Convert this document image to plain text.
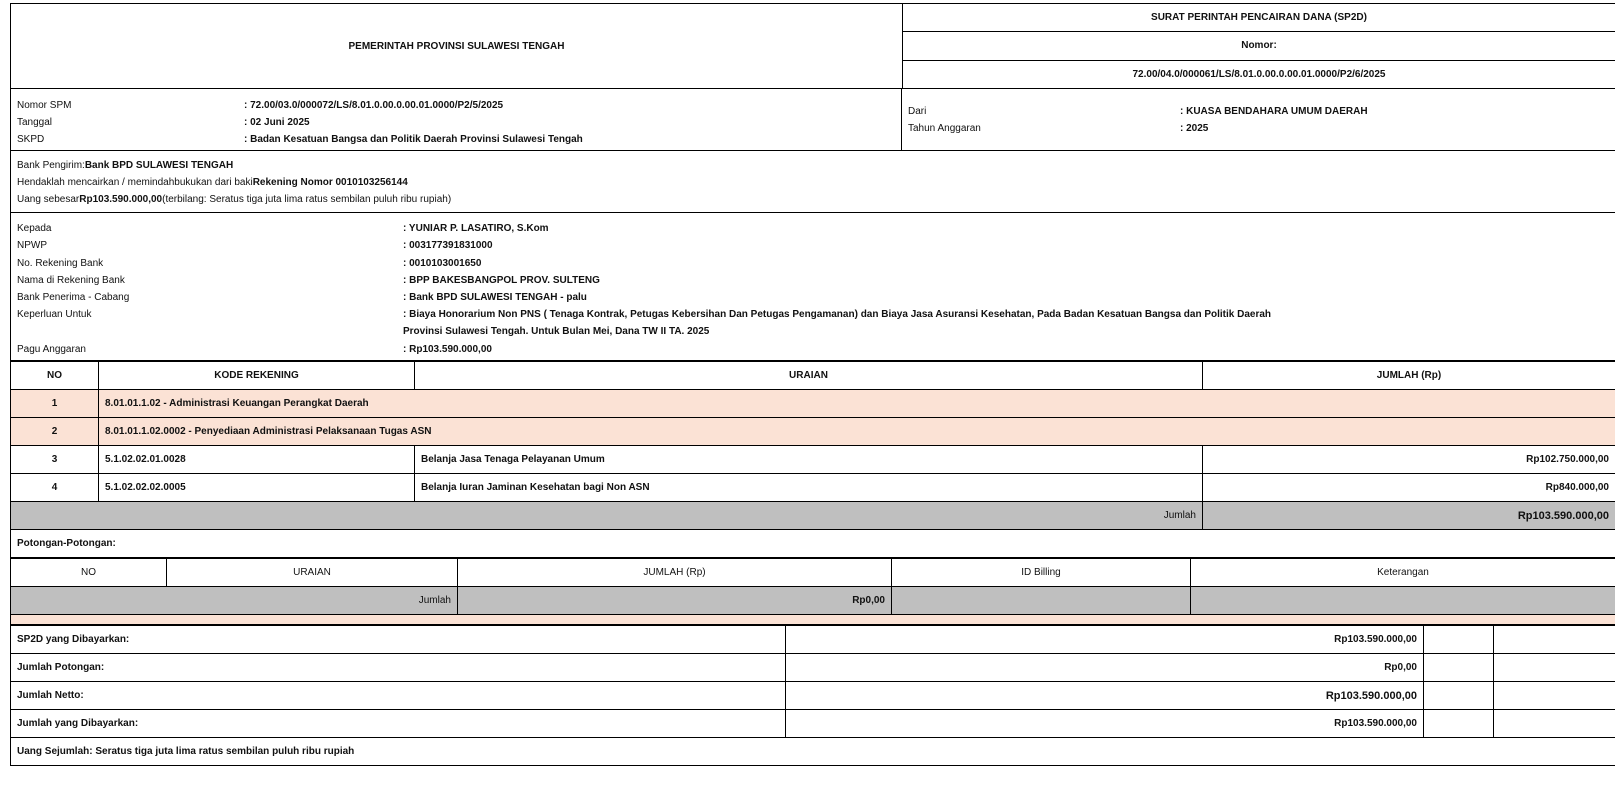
PEMERINTAH PROVINSI SULAWESI TENGAH
SURAT PERINTAH PENCAIRAN DANA (SP2D)
Nomor:
72.00/04.0/000061/LS/8.01.0.00.0.00.01.0000/P2/6/2025
Nomor SPM	: 72.00/03.0/000072/LS/8.01.0.00.0.00.01.0000/P2/5/2025
Tanggal	: 02 Juni 2025
SKPD	: Badan Kesatuan Bangsa dan Politik Daerah Provinsi Sulawesi Tengah
Dari	: KUASA BENDAHARA UMUM DAERAH
Tahun Anggaran	: 2025
Bank Pengirim: Bank BPD SULAWESI TENGAH
Hendaklah mencairkan / memindahbukukan dari baki Rekening Nomor 0010103256144
Uang sebesar Rp103.590.000,00 (terbilang: Seratus tiga juta lima ratus sembilan puluh ribu rupiah)
Kepada	: YUNIAR P. LASATIRO, S.Kom
NPWP	: 003177391831000
No. Rekening Bank	: 0010103001650
Nama di Rekening Bank	: BPP BAKESBANGPOL PROV. SULTENG
Bank Penerima - Cabang	: Bank BPD SULAWESI TENGAH - palu
Keperluan Untuk	: Biaya Honorarium Non PNS ( Tenaga Kontrak, Petugas Kebersihan Dan Petugas Pengamanan) dan Biaya Jasa Asuransi Kesehatan, Pada Badan Kesatuan Bangsa dan Politik Daerah Provinsi Sulawesi Tengah. Untuk Bulan Mei, Dana TW II TA. 2025
Pagu Anggaran	: Rp103.590.000,00
NO	KODE REKENING	URAIAN	JUMLAH (Rp)
1	8.01.01.1.02 - Administrasi Keuangan Perangkat Daerah		
2	8.01.01.1.02.0002 - Penyediaan Administrasi Pelaksanaan Tugas ASN		
3	5.1.02.02.01.0028	Belanja Jasa Tenaga Pelayanan Umum	Rp102.750.000,00
4	5.1.02.02.02.0005	Belanja Iuran Jaminan Kesehatan bagi Non ASN	Rp840.000,00
Jumlah			Rp103.590.000,00
Potongan-Potongan:
NO	URAIAN	JUMLAH (Rp)	ID Billing	Keterangan
Jumlah		Rp0,00		
SP2D yang Dibayarkan:	Rp103.590.000,00		
Jumlah Potongan:	Rp0,00		
Jumlah Netto:	Rp103.590.000,00		
Jumlah yang Dibayarkan:	Rp103.590.000,00		
Uang Sejumlah: Seratus tiga juta lima ratus sembilan puluh ribu rupiah
